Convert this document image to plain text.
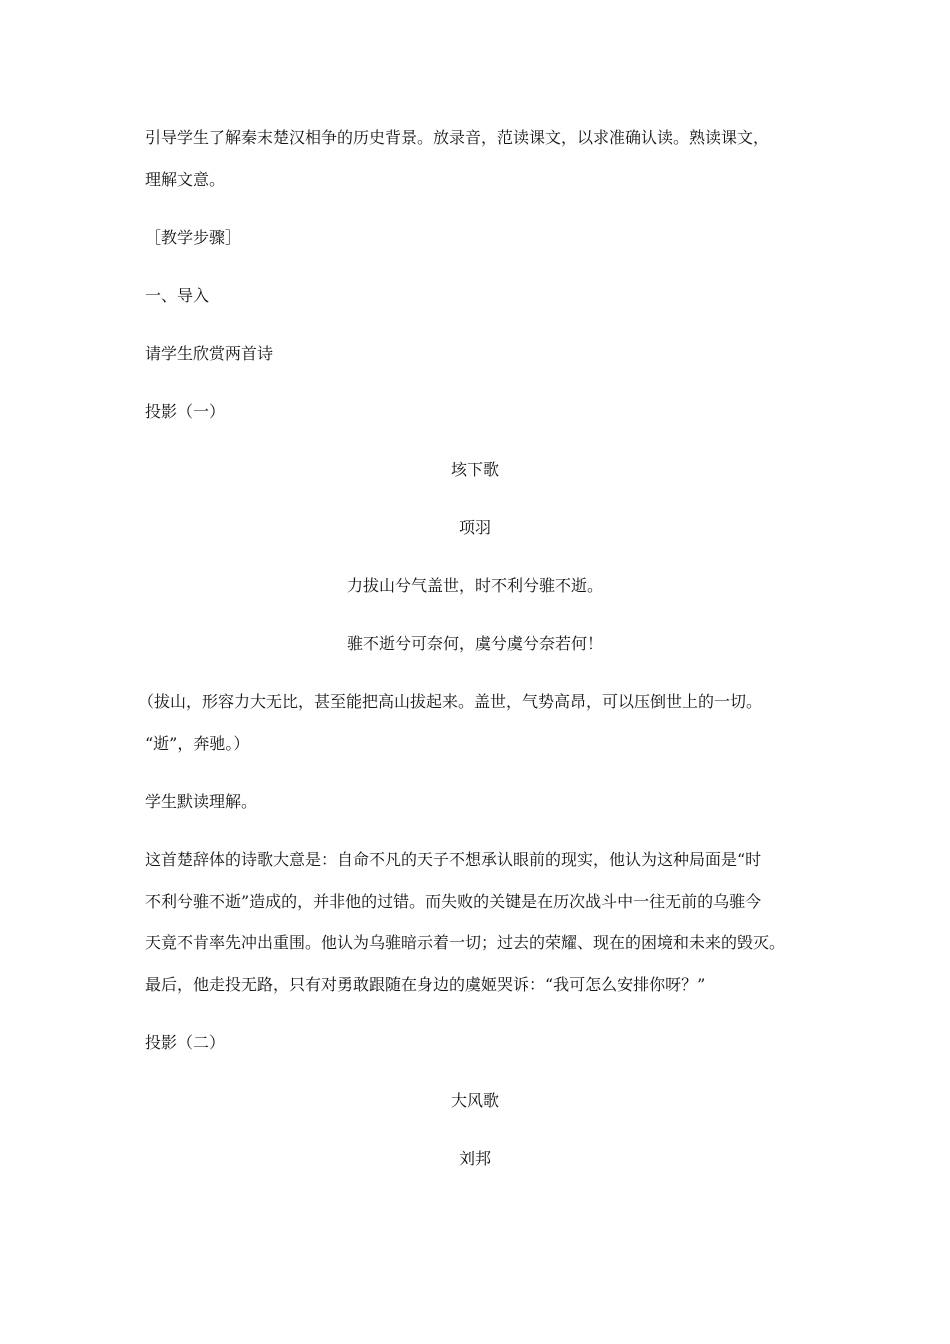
引导学生了解秦末楚汉相争的历史背景。放录音，范读课文，以求准确认读。熟读课文，
理解文意。
［教学步骤］
一、导入
请学生欣赏两首诗
投影（一）
垓下歌
项羽
力拔山兮气盖世，时不利兮骓不逝。
骓不逝兮可奈何，虞兮虞兮奈若何！
（拔山，形容力大无比，甚至能把高山拔起来。盖世，气势高昂，可以压倒世上的一切。
“逝”，奔驰。）
学生默读理解。
这首楚辞体的诗歌大意是：自命不凡的天子不想承认眼前的现实，他认为这种局面是“时
不利兮骓不逝”造成的，并非他的过错。而失败的关键是在历次战斗中一往无前的乌骓今
天竟不肯率先冲出重围。他认为乌骓暗示着一切；过去的荣耀、现在的困境和未来的毁灭。
最后，他走投无路，只有对勇敢跟随在身边的虞姬哭诉：“我可怎么安排你呀？”
投影（二）
大风歌
刘邦
